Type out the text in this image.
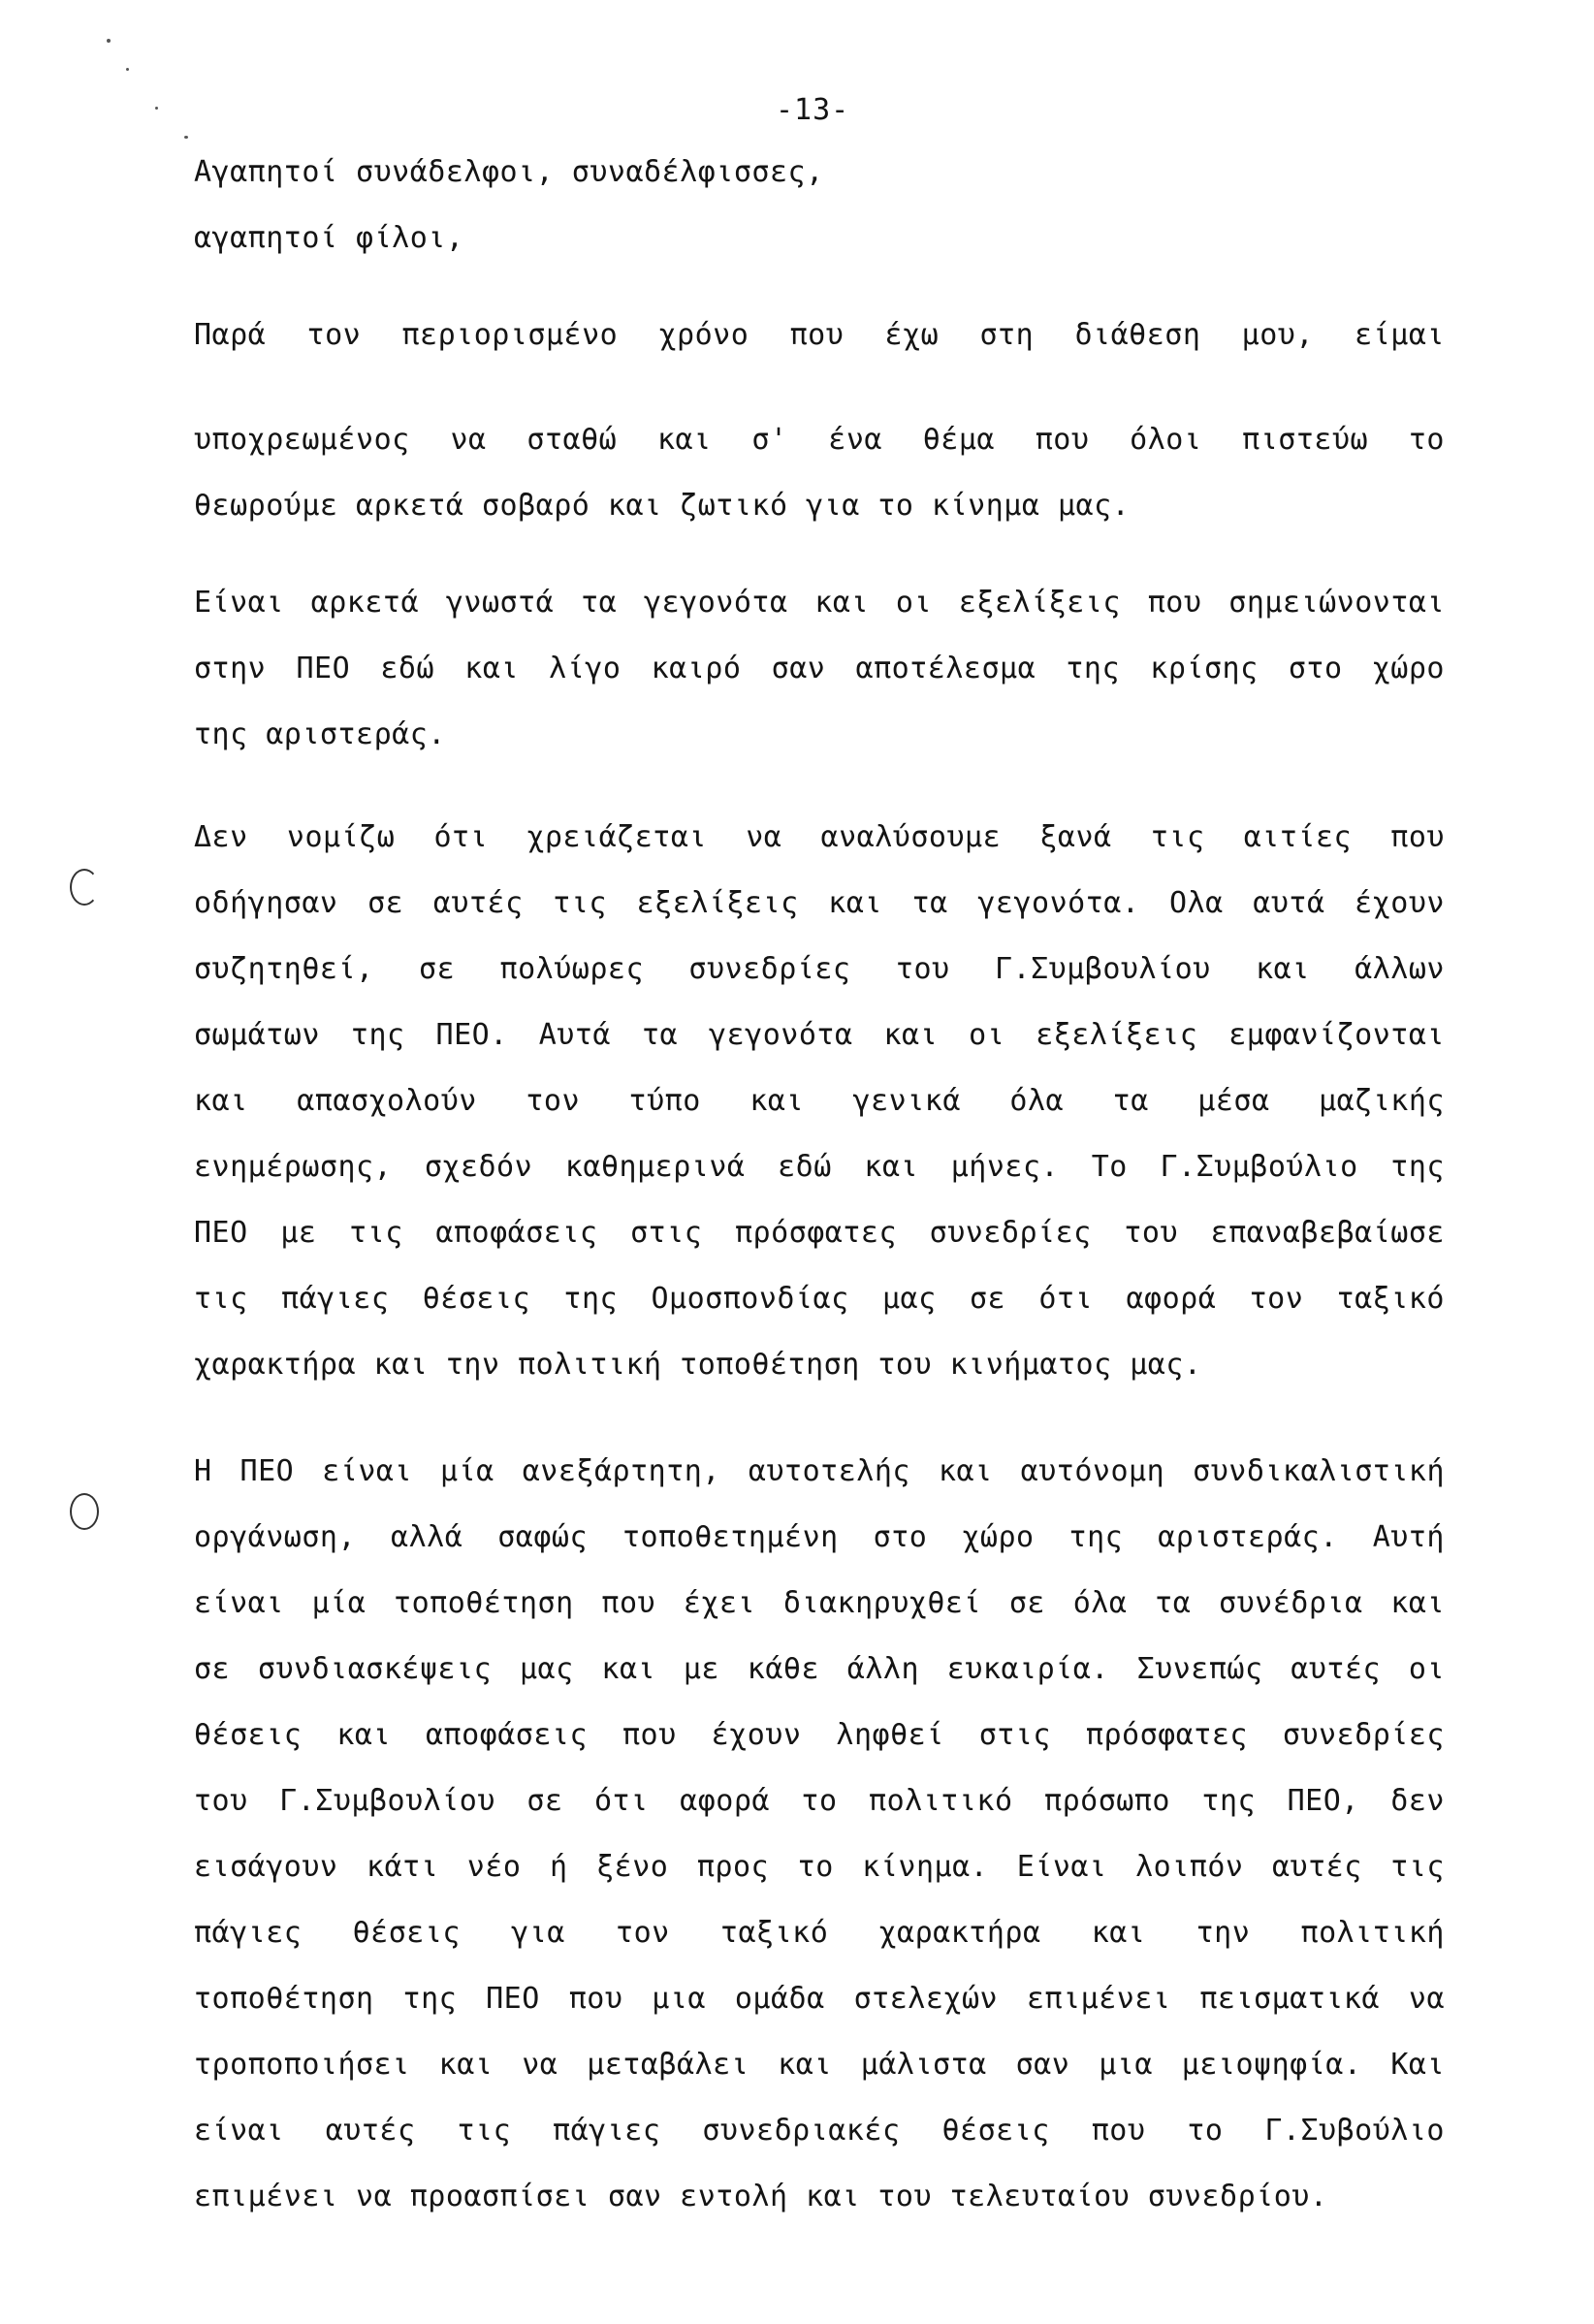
-13-
Αγαπητοί συνάδελφοι, συναδέλφισσες,
αγαπητοί φίλοι,
Παρά τον περιορισμένο χρόνο που έχω στη διάθεση μου, είμαι
υποχρεωμένος να σταθώ και σ' ένα θέμα που όλοι πιστεύω το
θεωρούμε αρκετά σοβαρό και ζωτικό για το κίνημα μας.
Είναι αρκετά γνωστά τα γεγονότα και οι εξελίξεις που σημειώνονται
στην ΠΕΟ εδώ και λίγο καιρό σαν αποτέλεσμα της κρίσης στο χώρο
της αριστεράς.
Δεν νομίζω ότι χρειάζεται να αναλύσουμε ξανά τις αιτίες που
οδήγησαν σε αυτές τις εξελίξεις και τα γεγονότα. Ολα αυτά έχουν
συζητηθεί, σε πολύωρες συνεδρίες του Γ.Συμβουλίου και άλλων
σωμάτων της ΠΕΟ. Αυτά τα γεγονότα και οι εξελίξεις εμφανίζονται
και απασχολούν τον τύπο και γενικά όλα τα μέσα μαζικής
ενημέρωσης, σχεδόν καθημερινά εδώ και μήνες. Το Γ.Συμβούλιο της
ΠΕΟ με τις αποφάσεις στις πρόσφατες συνεδρίες του επαναβεβαίωσε
τις πάγιες θέσεις της Ομοσπονδίας μας σε ότι αφορά τον ταξικό
χαρακτήρα και την πολιτική τοποθέτηση του κινήματος μας.
Η ΠΕΟ είναι μία ανεξάρτητη, αυτοτελής και αυτόνομη συνδικαλιστική
οργάνωση, αλλά σαφώς τοποθετημένη στο χώρο της αριστεράς. Αυτή
είναι μία τοποθέτηση που έχει διακηρυχθεί σε όλα τα συνέδρια και
σε συνδιασκέψεις μας και με κάθε άλλη ευκαιρία. Συνεπώς αυτές οι
θέσεις και αποφάσεις που έχουν ληφθεί στις πρόσφατες συνεδρίες
του Γ.Συμβουλίου σε ότι αφορά το πολιτικό πρόσωπο της ΠΕΟ, δεν
εισάγουν κάτι νέο ή ξένο προς το κίνημα. Είναι λοιπόν αυτές τις
πάγιες θέσεις για τον ταξικό χαρακτήρα και την πολιτική
τοποθέτηση της ΠΕΟ που μια ομάδα στελεχών επιμένει πεισματικά να
τροποποιήσει και να μεταβάλει και μάλιστα σαν μια μειοψηφία. Και
είναι αυτές τις πάγιες συνεδριακές θέσεις που το Γ.Συβούλιο
επιμένει να προασπίσει σαν εντολή και του τελευταίου συνεδρίου.
